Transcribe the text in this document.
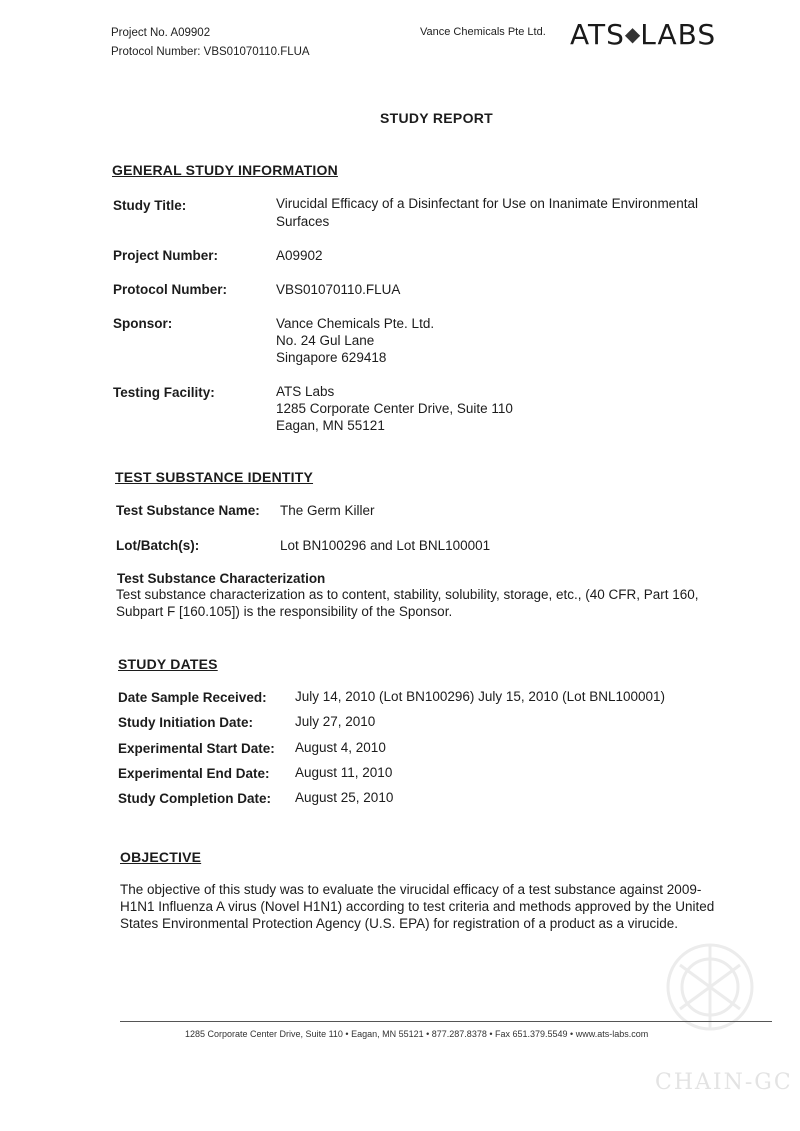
Project No. A09902
Protocol Number: VBS01070110.FLUA
Vance Chemicals Pte Ltd. ATS◆LABS
STUDY REPORT
GENERAL STUDY INFORMATION
Study Title:	Virucidal Efficacy of a Disinfectant for Use on Inanimate Environmental
Surfaces
Project Number:	A09902
Protocol Number:	VBS01070110.FLUA
Sponsor:	Vance Chemicals Pte. Ltd.
No. 24 Gul Lane
Singapore 629418
Testing Facility:	ATS Labs
1285 Corporate Center Drive, Suite 110
Eagan, MN 55121
TEST SUBSTANCE IDENTITY
Test Substance Name: The Germ Killer
Lot/Batch(s):	Lot BN100296 and Lot BNL100001
Test Substance Characterization
Test substance characterization as to content, stability, solubility, storage, etc., (40 CFR, Part 160,
Subpart F [160.105]) is the responsibility of the Sponsor.
STUDY DATES
Date Sample Received: July 14, 2010 (Lot BN100296) July 15, 2010 (Lot BNL100001)
Study Initiation Date:	July 27, 2010
Experimental Start Date: August 4, 2010
Experimental End Date: August 11, 2010
Study Completion Date: August 25, 2010
OBJECTIVE
The objective of this study was to evaluate the virucidal efficacy of a test substance against 2009-
H1N1 Influenza A virus (Novel H1N1) according to test criteria and methods approved by the United
States Environmental Protection Agency (U.S. EPA) for registration of a product as a virucide.
1285 Corporate Center Drive, Suite 110 • Eagan, MN 55121 • 877.287.8378 • Fax 651.379.5549 • www.ats-labs.com
CHAIN-GC
